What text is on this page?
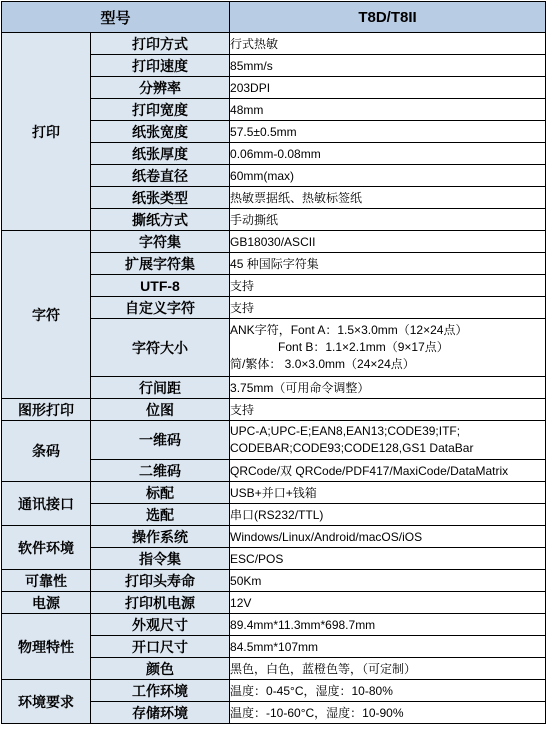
型号		T8D/T8II
打印	打印方式	行式热敏
	打印速度	85mm/s
	分辨率	203DPI
	打印宽度	48mm
	纸张宽度	57.5±0.5mm
	纸张厚度	0.06mm-0.08mm
	纸卷直径	60mm(max)
	纸张类型	热敏票据纸、热敏标签纸
	撕纸方式	手动撕纸
字符	字符集	GB18030/ASCII
	扩展字符集	45 种国际字符集
	UTF-8	支持
	自定义字符	支持
	字符大小	ANK字符，Font A：1.5×3.0mm（12×24点）
Font B：1.1×2.1mm（9×17点）
简/繁体： 3.0×3.0mm（24×24点）

	行间距	3.75mm（可用命令调整）
图形打印	位图	支持
条码	一维码	UPC-A;UPC-E;EAN8,EAN13;CODE39;ITF;
CODEBAR;CODE93;CODE128,GS1 DataBar

	二维码	QRCode/双 QRCode/PDF417/MaxiCode/DataMatrix
通讯接口	标配	USB+并口+钱箱
	选配	串口(RS232/TTL)
软件环境	操作系统	Windows/Linux/Android/macOS/iOS
	指令集	ESC/POS
可靠性	打印头寿命	50Km
电源	打印机电源	12V
物理特性	外观尺寸	89.4mm*11.3mm*698.7mm
	开口尺寸	84.5mm*107mm
	颜色	黑色，白色，蓝橙色等，（可定制）
环境要求	工作环境	温度：0-45°C，湿度：10-80%
	存储环境	温度：-10-60°C，湿度：10-90%
